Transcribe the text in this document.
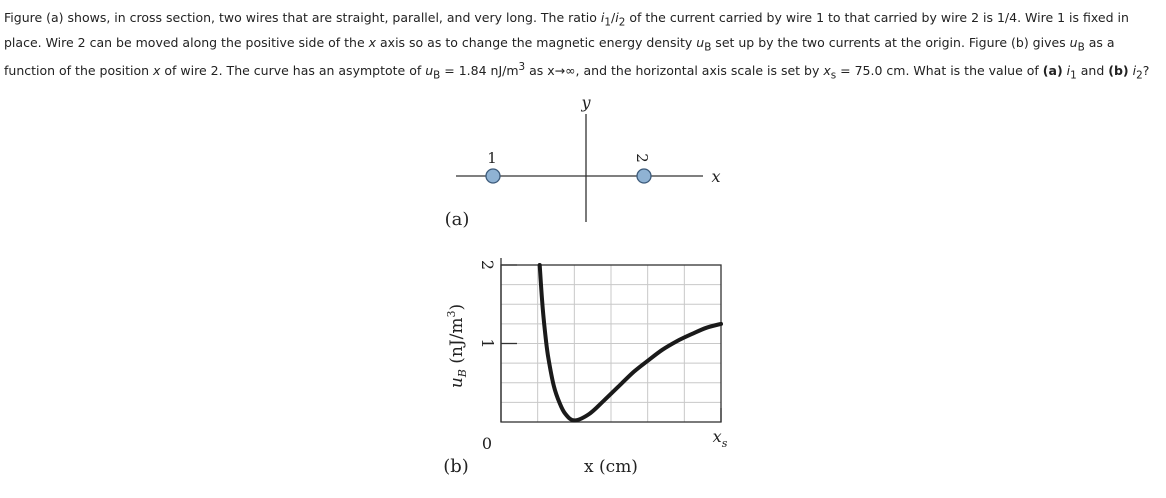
Figure (a) shows, in cross section, two wires that are straight, parallel, and very long. The ratio $i_1/i_2$ of the current carried by wire 1 to that carried by wire 2 is 1/4. Wire 1 is fixed in place. Wire 2 can be moved along the positive side of the x axis so as to change the magnetic energy density $u_B$ set up by the two currents at the origin. Figure (b) gives $u_B$ as a function of the position x of wire 2. The curve has an asymptote of $u_B = 1.84$ $nJ/m^3$ as x→∞, and the horizontal axis scale is set by $x_s = 75.0$ cm. What is the value of (a) $i_1$ and (b) $i_2$?
y
x
1	2
(a)
0
1
2
$x_s$
x (cm)
(b)
$u_B$ $(nJ/m^3)$
